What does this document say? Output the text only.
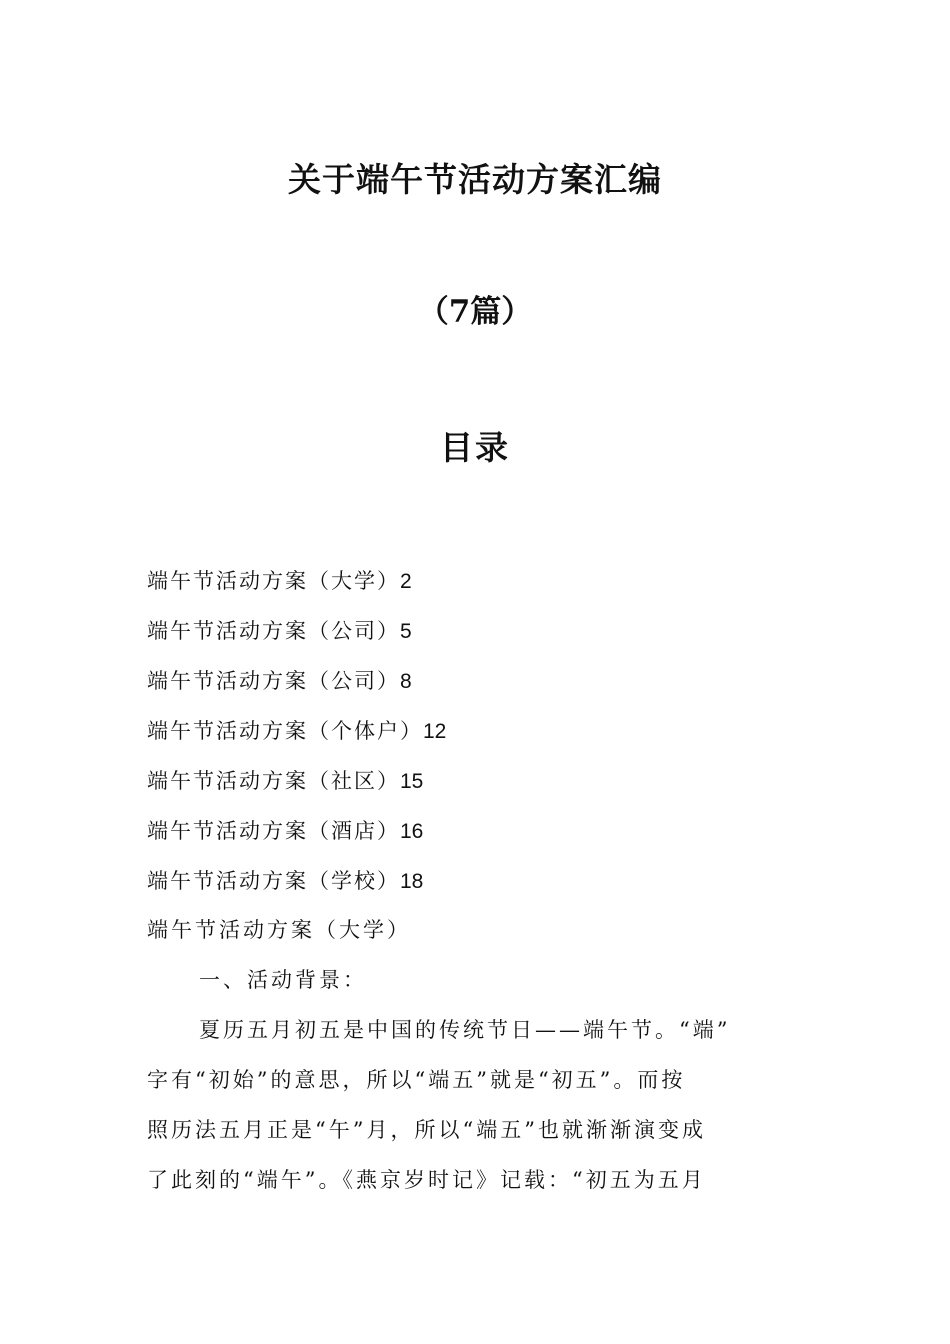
关于端午节活动方案汇编
（7篇）
目录
端午节活动方案（大学）2
端午节活动方案（公司）5
端午节活动方案（公司）8
端午节活动方案（个体户）12
端午节活动方案（社区）15
端午节活动方案（酒店）16
端午节活动方案（学校）18
端午节活动方案（大学）
一、活动背景：
夏历五月初五是中国的传统节日——端午节。“端”
字有“初始”的意思，所以“端五”就是“初五”。而按
照历法五月正是“午”月，所以“端五”也就渐渐演变成
了此刻的“端午”。《燕京岁时记》记载：“初五为五月
